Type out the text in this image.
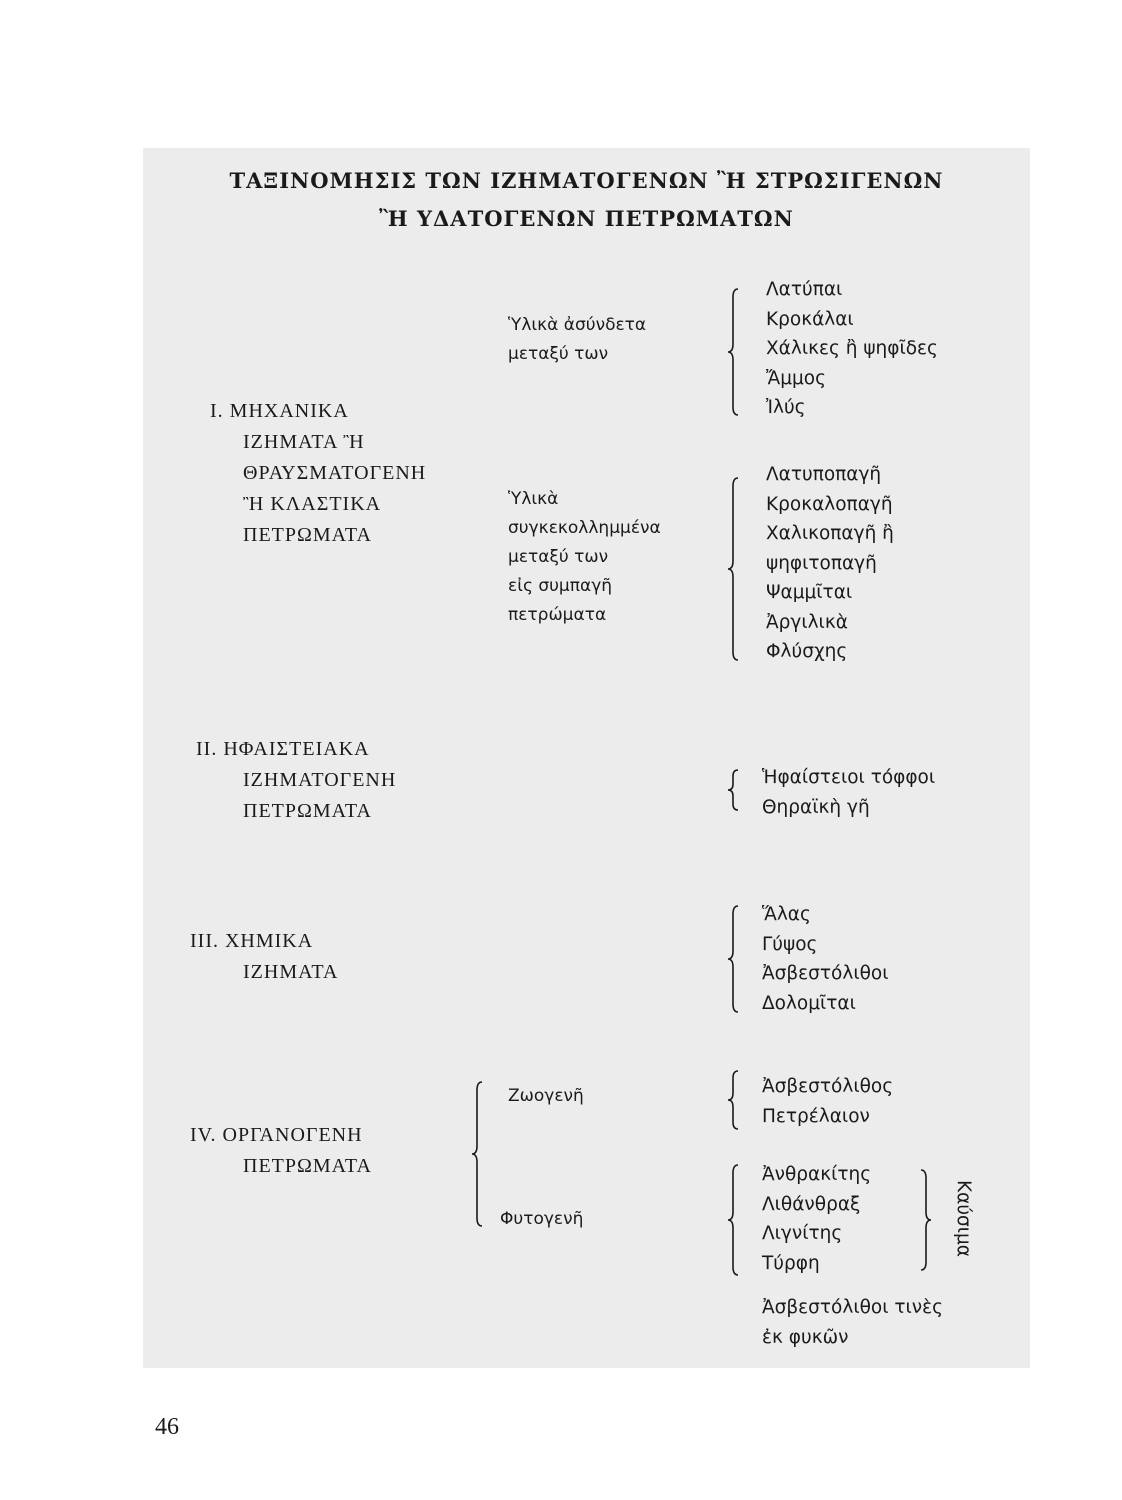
ΤΑΞΙΝΟΜΗΣΙΣ ΤΩΝ ΙΖΗΜΑΤΟΓΕΝΩΝ Ἢ ΣΤΡΩΣΙΓΕΝΩΝ
Ἢ ΥΔΑΤΟΓΕΝΩΝ ΠΕΤΡΩΜΑΤΩΝ
Ι. ΜΗΧΑΝΙΚΑ
ΙΖΗΜΑΤΑ Ἢ
ΘΡΑΥΣΜΑΤΟΓΕΝΗ
Ἢ ΚΛΑΣΤΙΚΑ
ΠΕΤΡΩΜΑΤΑ
Ὑλικὰ ἀσύνδετα
μεταξύ των
Λατύπαι
Κροκάλαι
Χάλικες ἢ ψηφῖδες
Ἄμμος
Ἰλύς
Ὑλικὰ
συγκεκολλημμένα
μεταξύ των
εἰς συμπαγῆ
πετρώματα
Λατυποπαγῆ
Κροκαλοπαγῆ
Χαλικοπαγῆ ἢ
ψηφιτοπαγῆ
Ψαμμῖται
Ἀργιλικὰ
Φλύσχης
ΙΙ. ΗΦΑΙΣΤΕΙΑΚΑ
ΙΖΗΜΑΤΟΓΕΝΗ
ΠΕΤΡΩΜΑΤΑ
Ἡφαίστειοι τόφφοι
Θηραϊκὴ γῆ
ΙΙΙ. ΧΗΜΙΚΑ
ΙΖΗΜΑΤΑ
Ἅλας
Γύψος
Ἀσβεστόλιθοι
Δολομῖται
ΙV. ΟΡΓΑΝΟΓΕΝΗ
ΠΕΤΡΩΜΑΤΑ
Ζωογενῆ
Φυτογενῆ
Ἀσβεστόλιθος
Πετρέλαιον
Ἀνθρακίτης
Λιθάνθραξ
Λιγνίτης
Τύρφη
Καύσιμα
Ἀσβεστόλιθοι τινὲς
ἐκ φυκῶν
46
